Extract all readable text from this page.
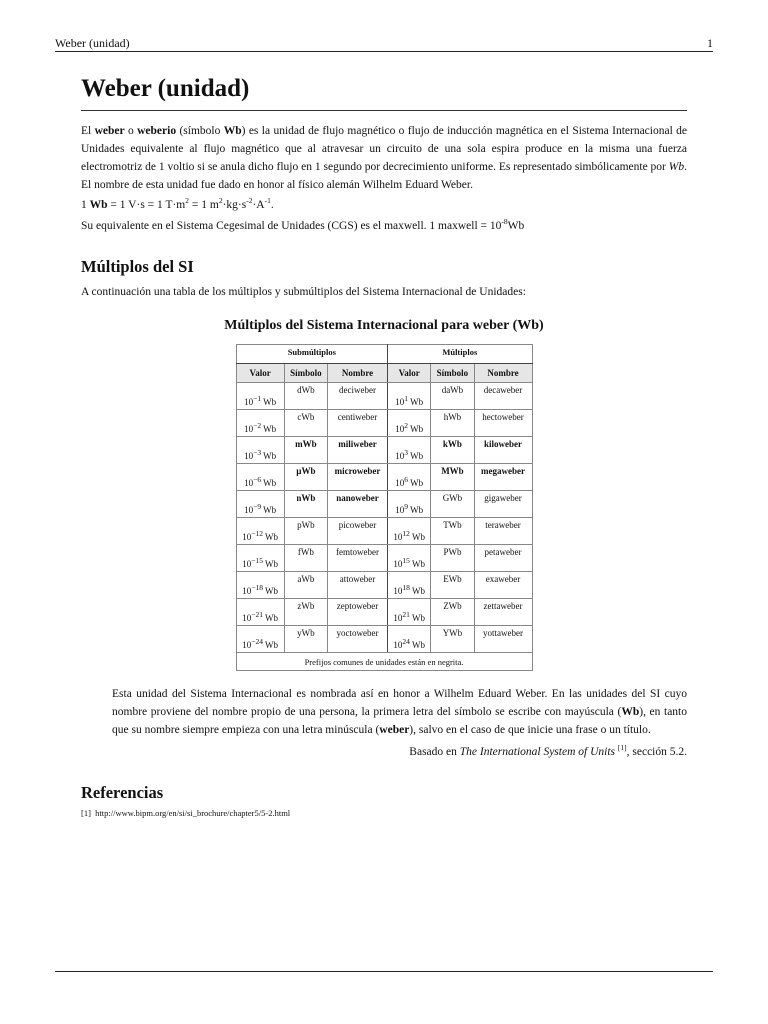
Weber (unidad)	1
Weber (unidad)

El weber o weberio (símbolo Wb) es la unidad de flujo magnético o flujo de inducción magnética en el Sistema Internacional de Unidades equivalente al flujo magnético que al atravesar un circuito de una sola espira produce en la misma una fuerza electromotriz de 1 voltio si se anula dicho flujo en 1 segundo por decrecimiento uniforme. Es representado simbólicamente por Wb. El nombre de esta unidad fue dado en honor al físico alemán Wilhelm Eduard Weber.

1 Wb = 1 V·s = 1 $T\cdot m^2 = 1$ $m^2\cdot kg\cdot s^{-2}\cdot A^{-1}$.

Su equivalente en el Sistema Cegesimal de Unidades (CGS) es el maxwell. 1 maxwell = $10^{-8}Wb$

Múltiplos del SI

A continuación una tabla de los múltiplos y submúltiplos del Sistema Internacional de Unidades:

Múltiplos del Sistema Internacional para weber (Wb)
Submúltiplos			Múltiplos		
Valor	Símbolo	Nombre	Valor	Símbolo	Nombre
$10^{-1}$ Wb	dWb	deciweber	$10^1$ Wb	daWb	decaweber
$10^{-2}$ Wb	cWb	centiweber	$10^2$ Wb	hWb	hectoweber
$10^{-3}$ Wb	mWb	miliweber	$10^3$ Wb	kWb	kiloweber
$10^{-6}$ Wb	µWb	microweber	$10^6$ Wb	MWb	megaweber
$10^{-9}$ Wb	nWb	nanoweber	$10^9$ Wb	GWb	gigaweber
$10^{-12}$ Wb	pWb	picoweber	$10^{12}$ Wb	TWb	teraweber
$10^{-15}$ Wb	fWb	femtoweber	$10^{15}$ Wb	PWb	petaweber
$10^{-18}$ Wb	aWb	attoweber	$10^{18}$ Wb	EWb	exaweber
$10^{-21}$ Wb	zWb	zeptoweber	$10^{21}$ Wb	ZWb	zettaweber
$10^{-24}$ Wb	yWb	yoctoweber	$10^{24}$ Wb	YWb	yottaweber
Prefijos comunes de unidades están en negrita.					

Esta unidad del Sistema Internacional es nombrada así en honor a Wilhelm Eduard Weber. En las unidades del SI cuyo nombre proviene del nombre propio de una persona, la primera letra del símbolo se escribe con mayúscula (Wb), en tanto que su nombre siempre empieza con una letra minúscula (weber), salvo en el caso de que inicie una frase o un título.

Basado en The International System of Units [1], sección 5.2.

Referencias
[1] http://www.bipm.org/en/si/si_brochure/chapter5/5-2.html
